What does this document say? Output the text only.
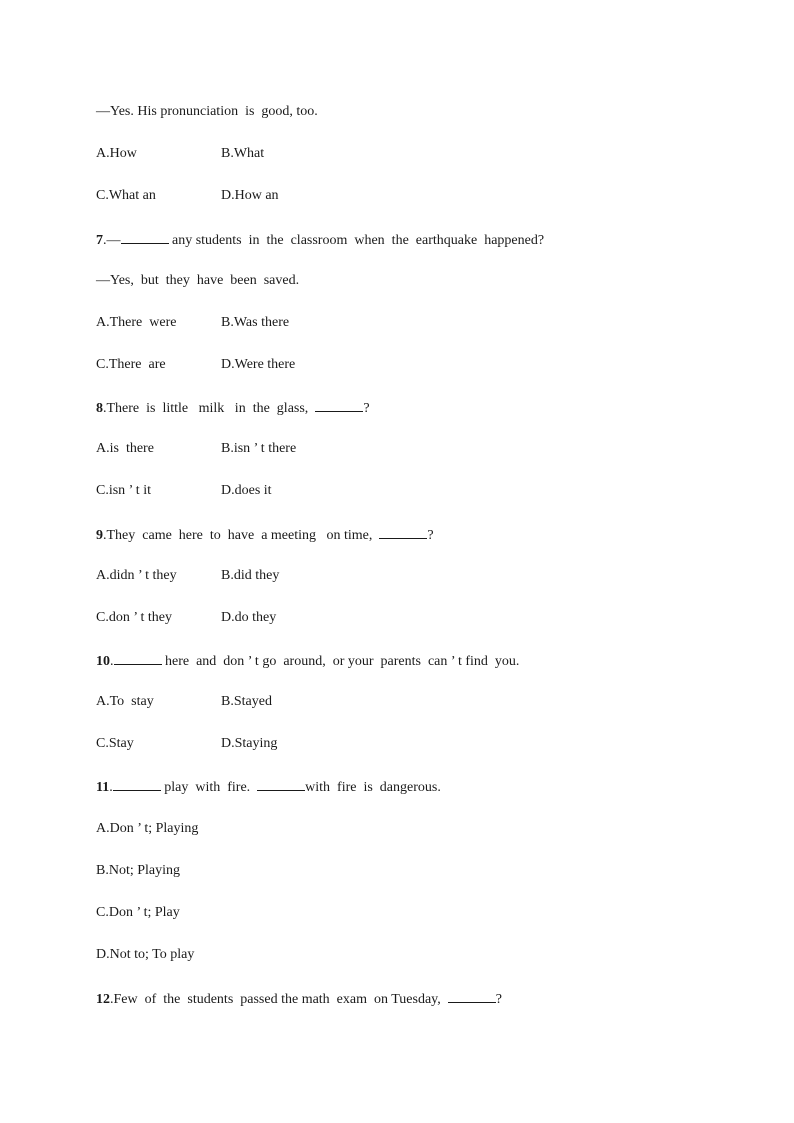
—Yes. His pronunciation  is  good, too.
A.How	B.What
C.What an	D.How an
7.—	any students  in  the  classroom  when  the  earthquake  happened?
—Yes,  but  they  have  been  saved.
A.There  were	B.Was there
C.There  are	D.Were there
8.There  is  little   milk   in  the  glass,	?
A.is  there	B.isn ’ t there
C.isn ’ t it	D.does it
9.They  came  here  to  have  a meeting   on time,	?
A.didn ’ t they	B.did they
C.don ’ t they	D.do they
10.	here  and  don ’ t go  around,  or your  parents  can ’ t find  you.
A.To  stay	B.Stayed
C.Stay	D.Staying
11.	play  with  fire.	with  fire  is  dangerous.
A.Don ’ t; Playing
B.Not; Playing
C.Don ’ t; Play
D.Not to; To play
12.Few  of  the  students  passed the math  exam  on Tuesday,	?
